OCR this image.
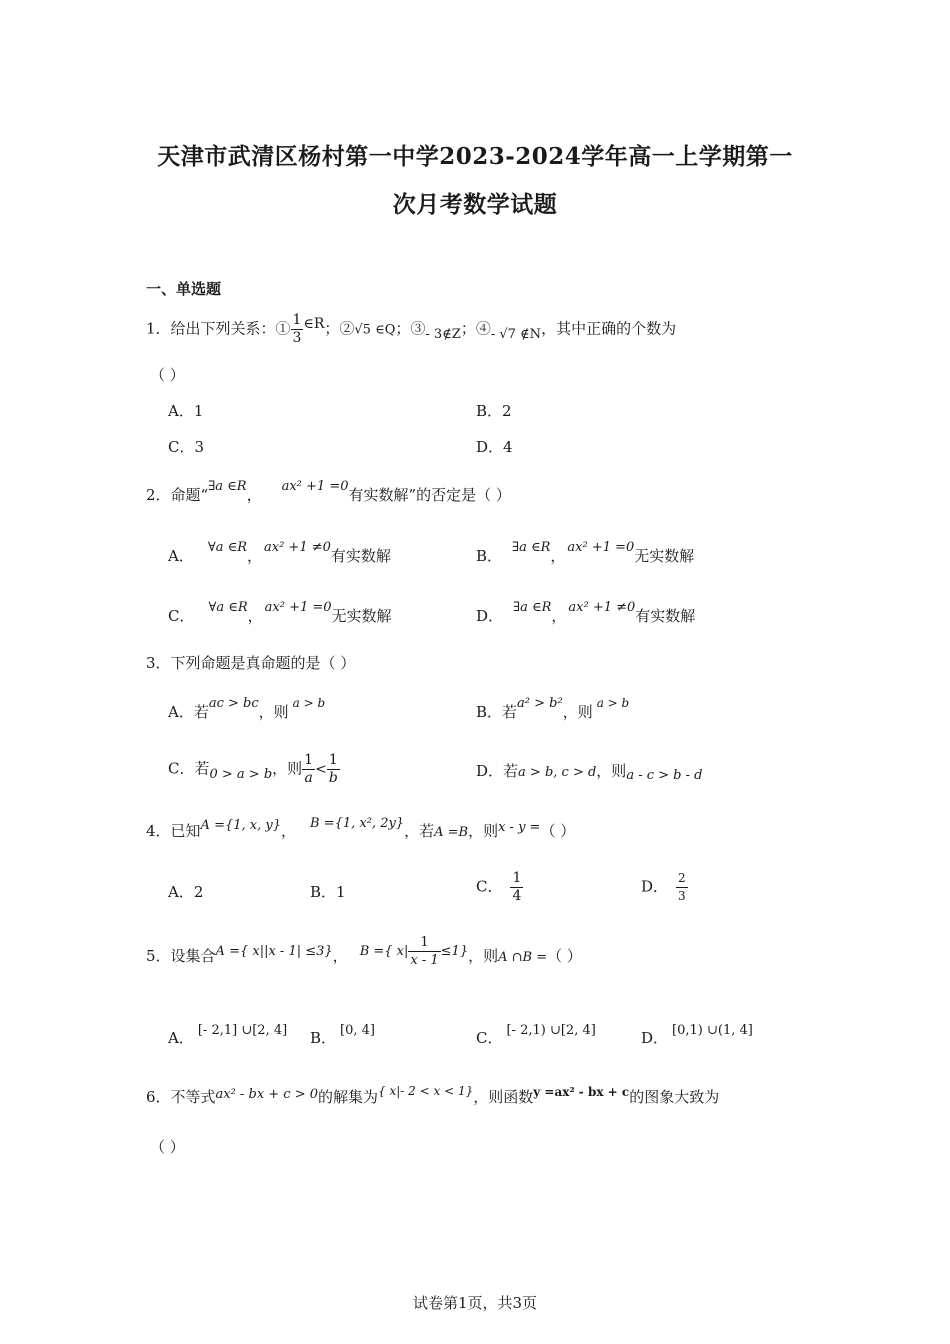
天津市武清区杨村第一中学2023-2024学年高一上学期第一
次月考数学试题
一、单选题
1．给出下列关系：① $\frac{1}{3}$ ∈R；②√5 ∈Q；③- 3∉Z；④- √7 ∉N，其中正确的个数为
（ ）
A．1	B．2
C．3	D．4
2．命题“∃a ∈R， ax² +1 =0有实数解”的否定是（ ）
A． ∀a ∈R， ax² +1 ≠0有实数解	B． ∃a ∈R， ax² +1 =0无实数解
C． ∀a ∈R， ax² +1 =0无实数解	D． ∃a ∈R， ax² +1 ≠0有实数解
3．下列命题是真命题的是（ ）
A．若ac > bc，则 $^{a > b}$	B．若a² > b²，则 $^{a > b}$
C．若0 > a > b，则 $\frac{1}{a} < \frac{1}{b}$	D．若a > b, c > d，则a - c > b - d
4．已知A ={1, x, y}， B ={1, x², 2y}，若A =B，则x - y =（ ）
A．2	B．1	C． $\frac{1}{4}$	D． $\frac{2}{3}$
5．设集合A ={ x||x - 1| ≤3}， B ={ $x| \frac{1}{x - 1} \le 1$}，则A ∩B =（ ）
A． [- 2,1] ∪[2, 4] B． [0, 4]	C． [- 2,1) ∪[2, 4]	D． [0,1) ∪(1, 4]
6．不等式ax² - bx + c > 0的解集为$^{\{ x|- 2 < x < 1\}}$，则函数$^{y =ax^2 - bx + c}$的图象大致为
（ ）
试卷第1页，共3页
